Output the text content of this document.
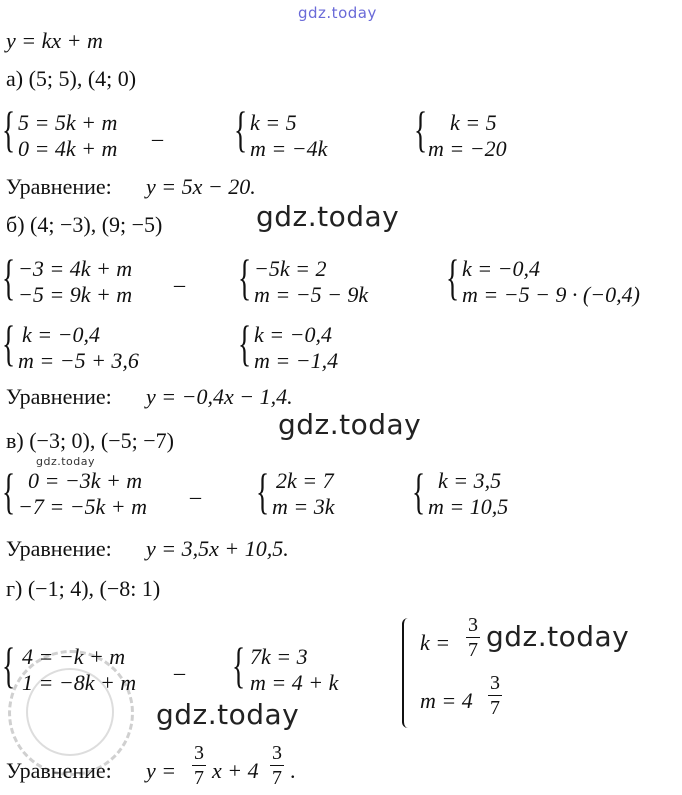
gdz.today
y = kx + m
а) (5; 5), (4; 0)
{ 5 = 5k + m
0 = 4k + m
_ { k = 5
m = −4k { k = 5
m = −20
Уравнение: y = 5x − 20.
б) (4; −3), (9; −5)	gdz.today
{ −3 = 4k + m
−5 = 9k + m
_ { −5k = 2
m = −5 − 9k { k = −0,4
m = −5 − 9 · (−0,4)
{ k = −0,4
m = −5 + 3,6 { k = −0,4
m = −1,4
Уравнение: y = −0,4x − 1,4.
в) (−3; 0), (−5; −7)	gdz.today
gdz.today
{ 0 = −3k + m
−7 = −5k + m
_ { 2k = 7
m = 3k { k = 3,5
m = 10,5
Уравнение: y = 3,5x + 10,5.
г) (−1; 4), (−8: 1)
{ 4 = −k + m
1 = −8k + m
_ { 7k = 3
m = 4 + k
k =
3
7 gdz.today
m = 4
3
7
gdz.today
Уравнение: y =
3
7 x + 4
3
7 .
